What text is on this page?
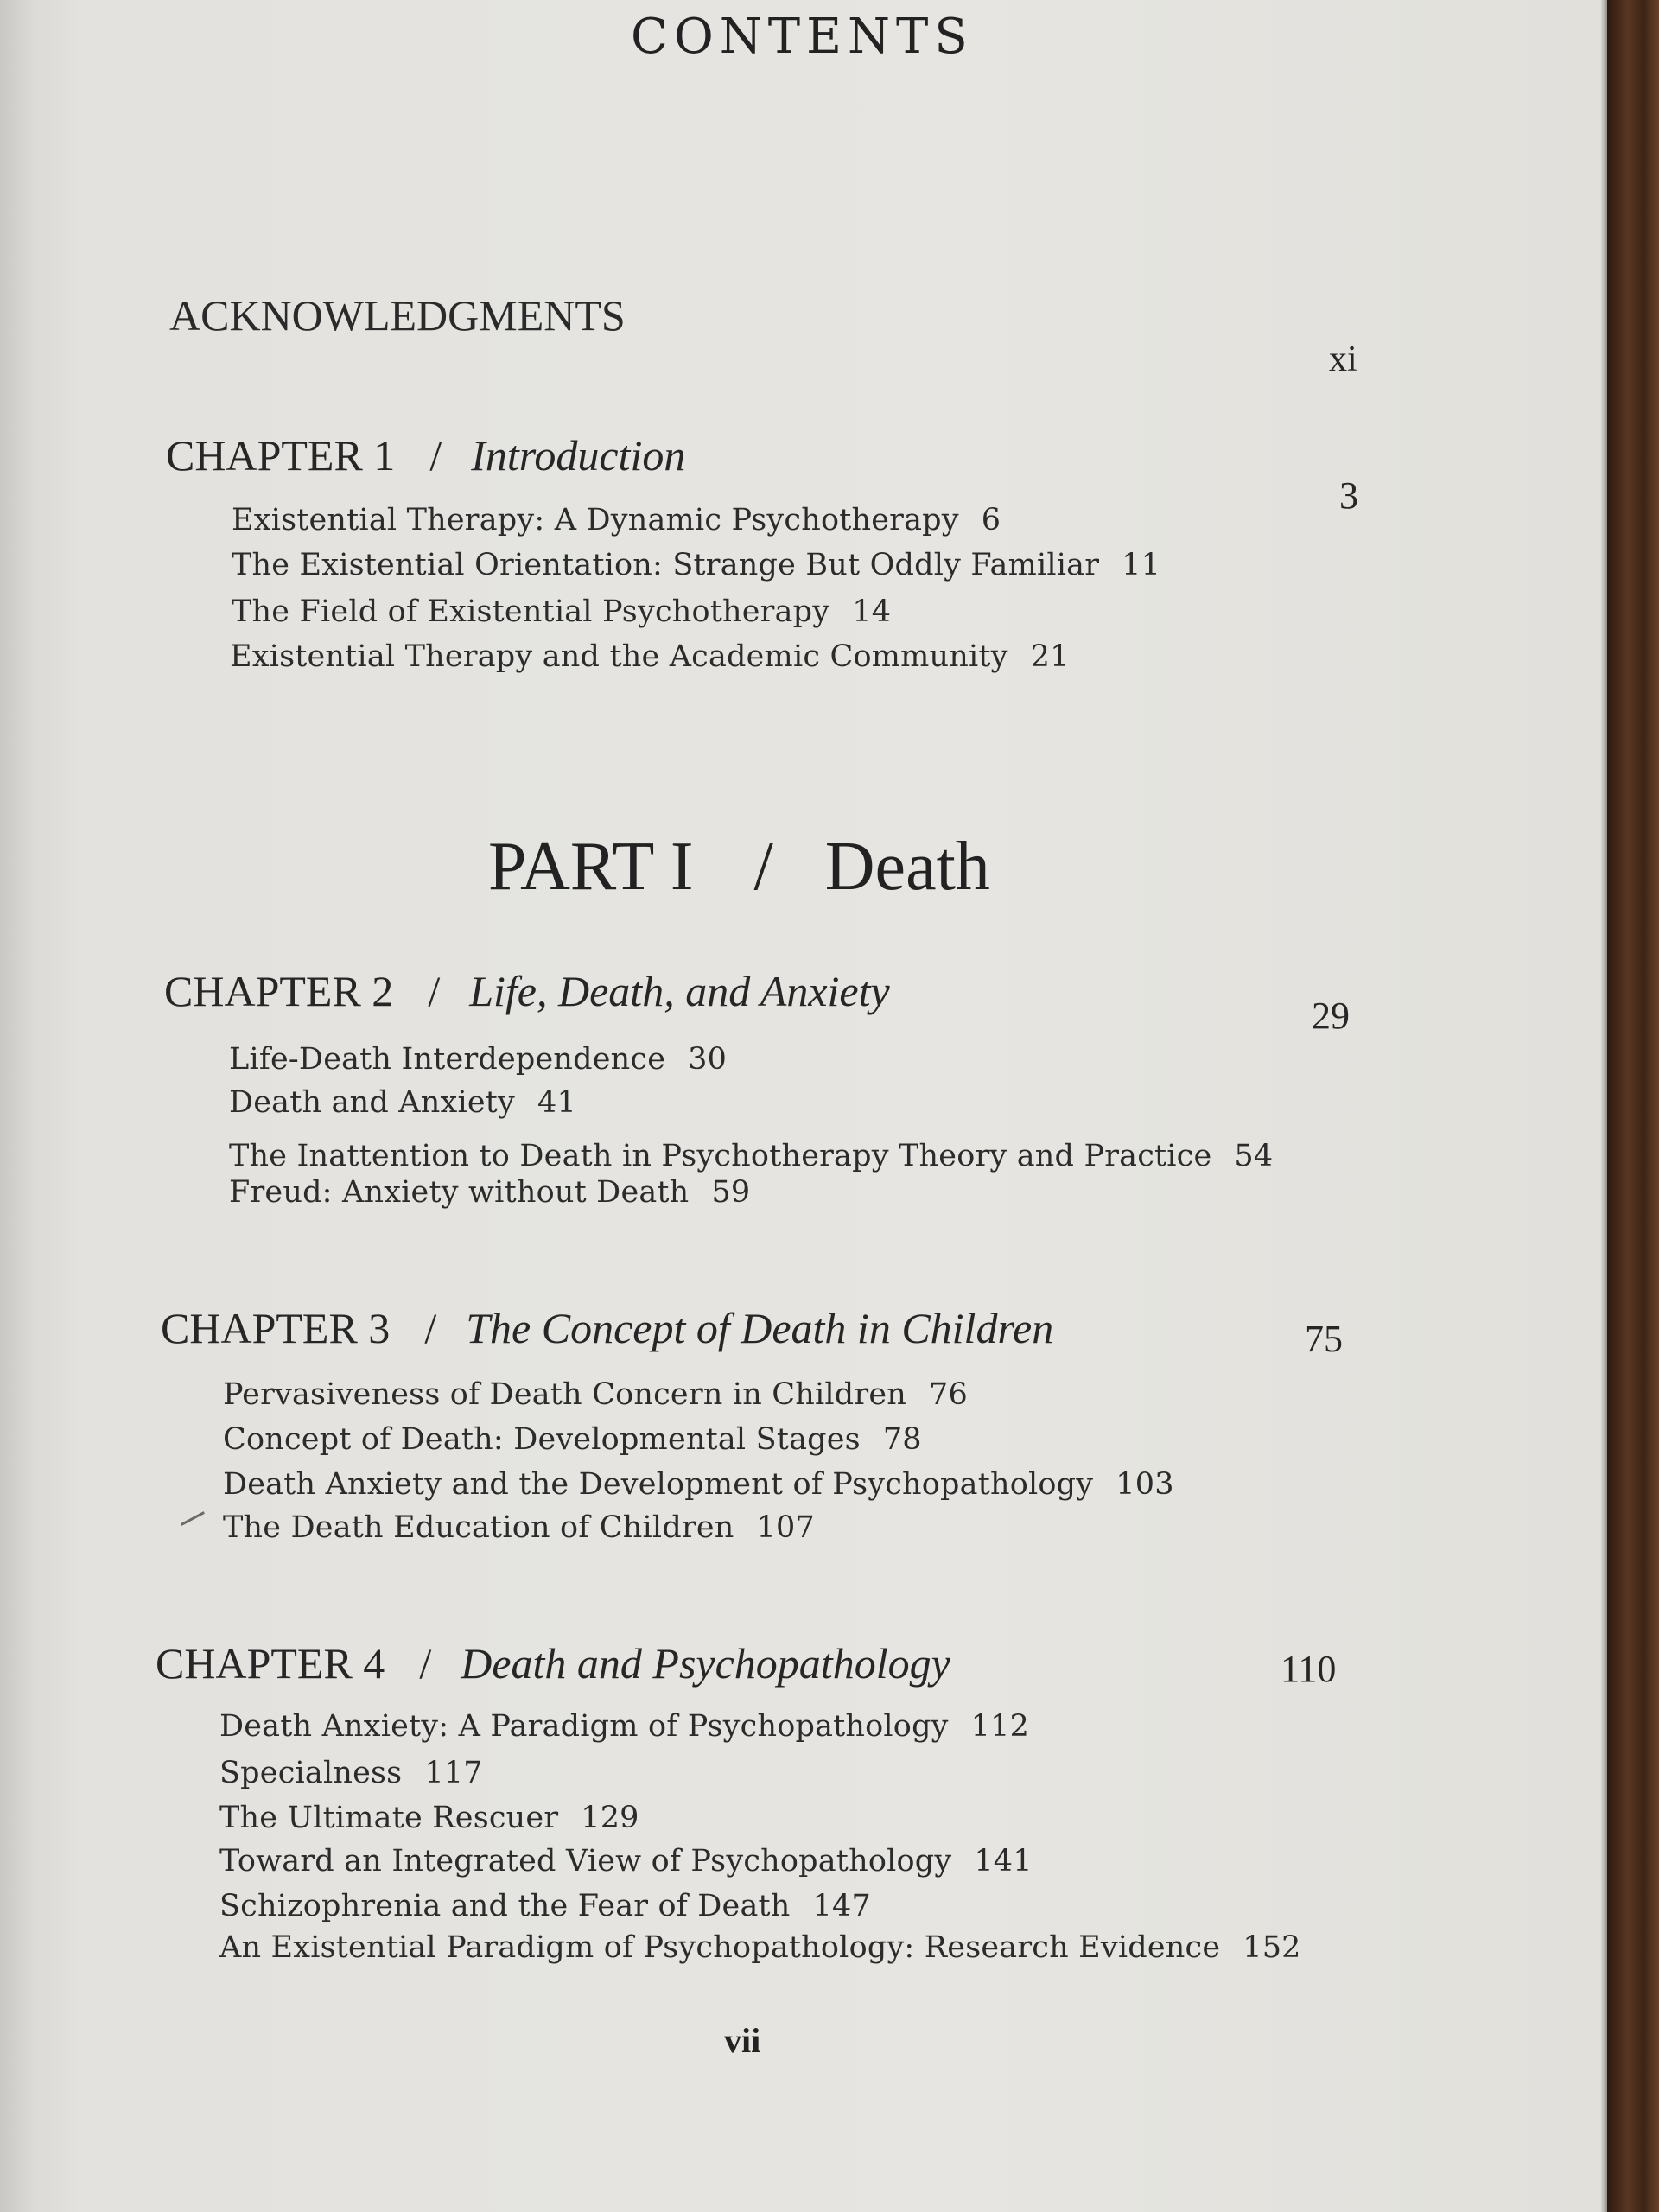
CONTENTS
ACKNOWLEDGMENTS
xi
CHAPTER 1 / Introduction
3
Existential Therapy: A Dynamic Psychotherapy 6
The Existential Orientation: Strange But Oddly Familiar 11
The Field of Existential Psychotherapy 14
Existential Therapy and the Academic Community 21
PART I / Death
CHAPTER 2 / Life, Death, and Anxiety
29
Life-Death Interdependence 30
Death and Anxiety 41
The Inattention to Death in Psychotherapy Theory and Practice 54
Freud: Anxiety without Death 59
CHAPTER 3 / The Concept of Death in Children	75
Pervasiveness of Death Concern in Children 76
Concept of Death: Developmental Stages 78
Death Anxiety and the Development of Psychopathology 103
The Death Education of Children 107
CHAPTER 4 / Death and Psychopathology	110
Death Anxiety: A Paradigm of Psychopathology 112
Specialness 117
The Ultimate Rescuer 129
Toward an Integrated View of Psychopathology 141
Schizophrenia and the Fear of Death 147
An Existential Paradigm of Psychopathology: Research Evidence 152
vii
